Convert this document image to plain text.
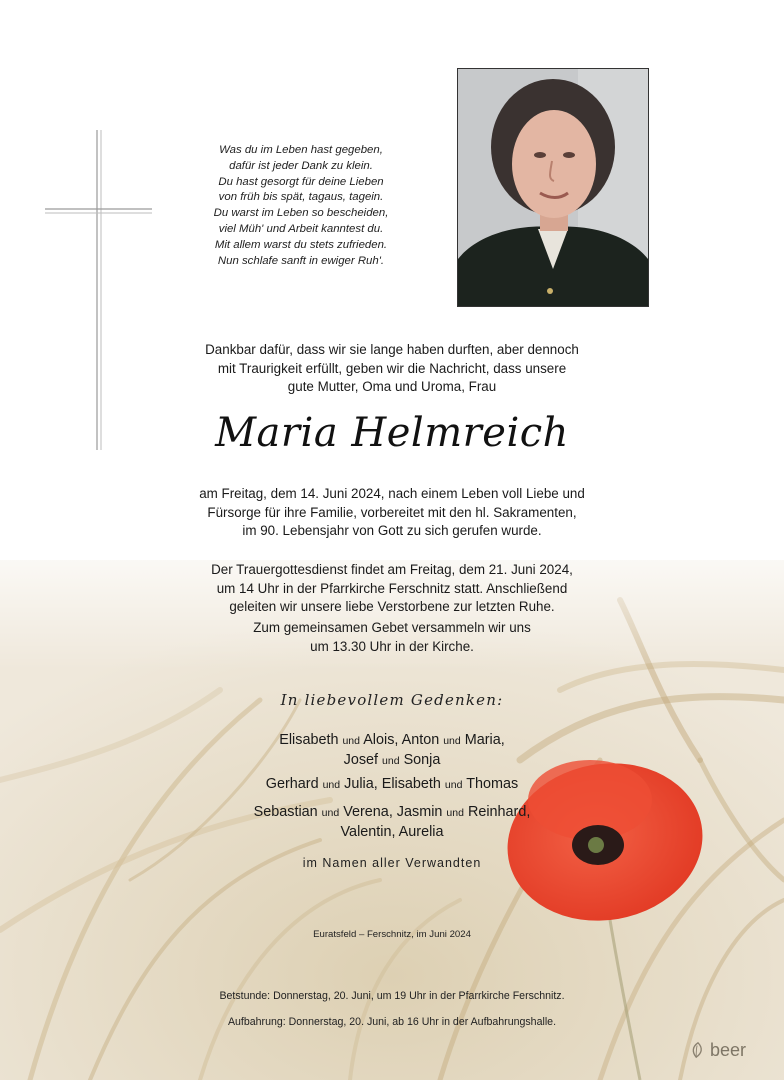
Was du im Leben hast gegeben,
dafür ist jeder Dank zu klein.
Du hast gesorgt für deine Lieben
von früh bis spät, tagaus, tagein.
Du warst im Leben so bescheiden,
viel Müh' und Arbeit kanntest du.
Mit allem warst du stets zufrieden.
Nun schlafe sanft in ewiger Ruh'.
Dankbar dafür, dass wir sie lange haben durften, aber dennoch
mit Traurigkeit erfüllt, geben wir die Nachricht, dass unsere
gute Mutter, Oma und Uroma, Frau
Maria Helmreich
am Freitag, dem 14. Juni 2024, nach einem Leben voll Liebe und
Fürsorge für ihre Familie, vorbereitet mit den hl. Sakramenten,
im 90. Lebensjahr von Gott zu sich gerufen wurde.
Der Trauergottesdienst findet am Freitag, dem 21. Juni 2024,
um 14 Uhr in der Pfarrkirche Ferschnitz statt. Anschließend
geleiten wir unsere liebe Verstorbene zur letzten Ruhe.
Zum gemeinsamen Gebet versammeln wir uns
um 13.30 Uhr in der Kirche.
In liebevollem Gedenken:
Elisabeth und Alois, Anton und Maria,
Josef und Sonja
Gerhard und Julia, Elisabeth und Thomas
Sebastian und Verena, Jasmin und Reinhard,
Valentin, Aurelia
im Namen aller Verwandten
Euratsfeld – Ferschnitz, im Juni 2024
Betstunde: Donnerstag, 20. Juni, um 19 Uhr in der Pfarrkirche Ferschnitz.
Aufbahrung: Donnerstag, 20. Juni, ab 16 Uhr in der Aufbahrungshalle.
beer
